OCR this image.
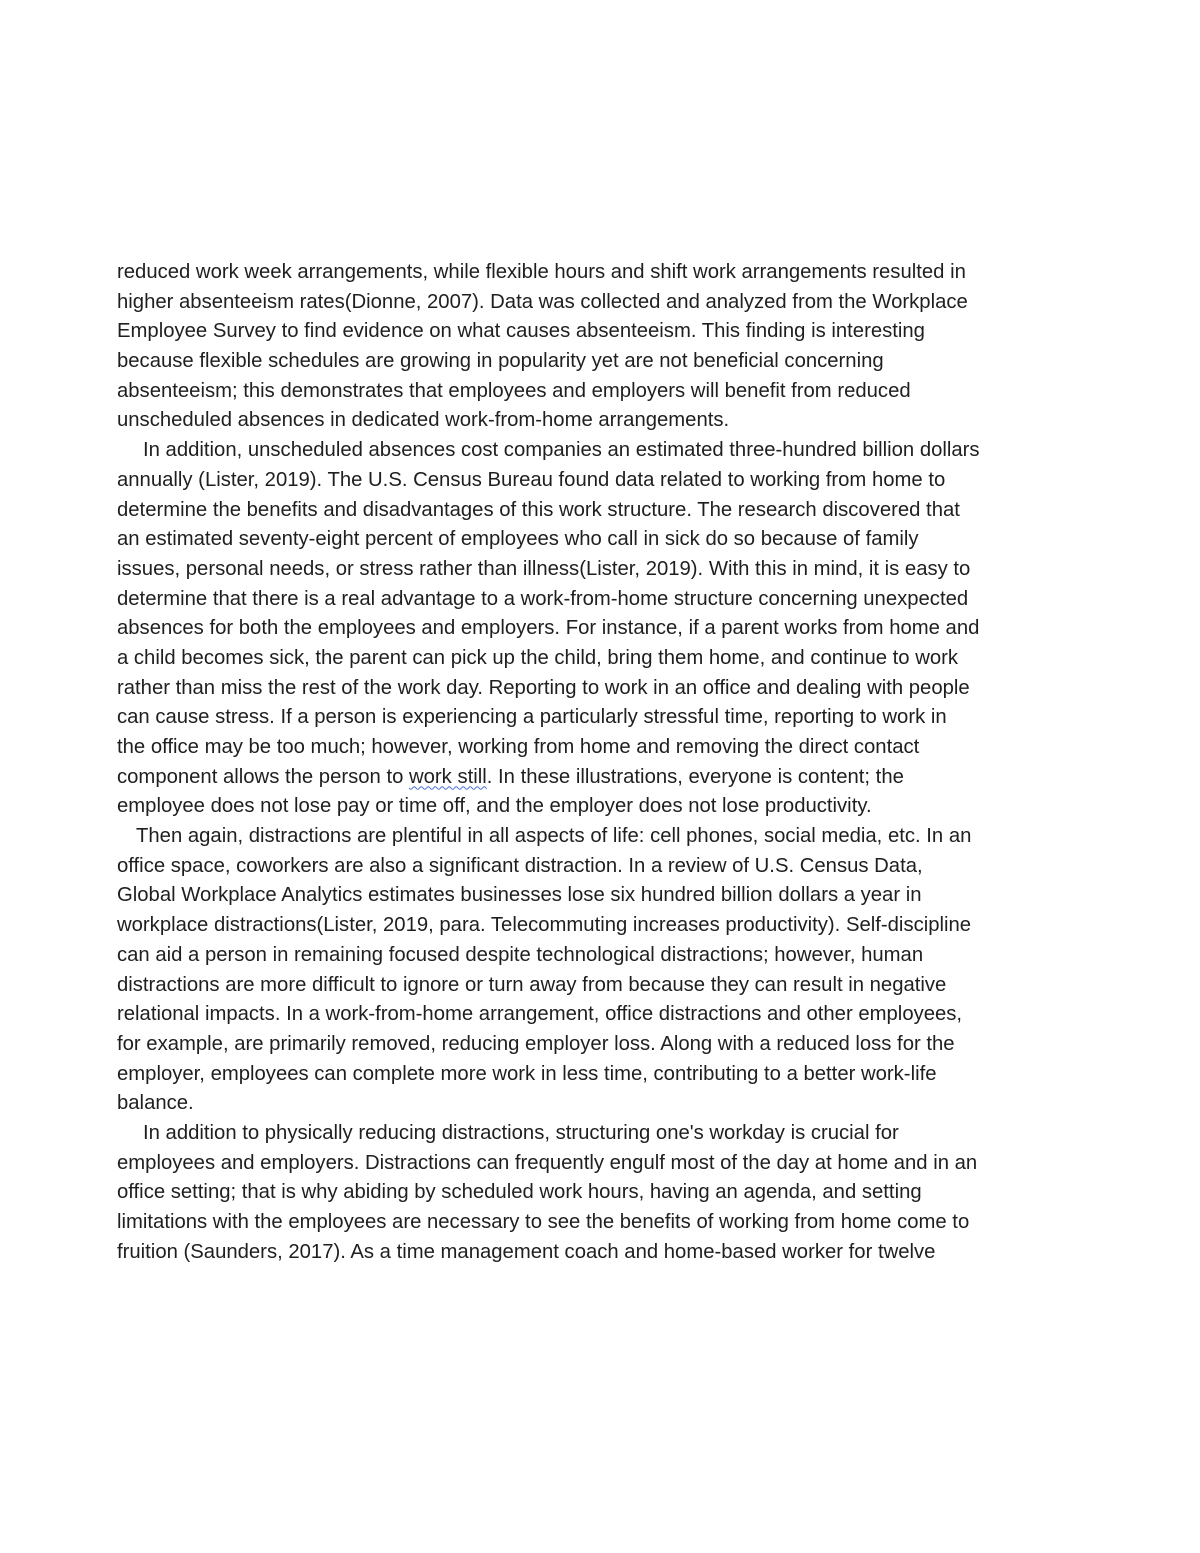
reduced work week arrangements, while flexible hours and shift work arrangements resulted in
higher absenteeism rates(Dionne, 2007). Data was collected and analyzed from the Workplace
Employee Survey to find evidence on what causes absenteeism. This finding is interesting
because flexible schedules are growing in popularity yet are not beneficial concerning
absenteeism; this demonstrates that employees and employers will benefit from reduced
unscheduled absences in dedicated work-from-home arrangements.
In addition, unscheduled absences cost companies an estimated three-hundred billion dollars
annually (Lister, 2019). The U.S. Census Bureau found data related to working from home to
determine the benefits and disadvantages of this work structure. The research discovered that
an estimated seventy-eight percent of employees who call in sick do so because of family
issues, personal needs, or stress rather than illness(Lister, 2019). With this in mind, it is easy to
determine that there is a real advantage to a work-from-home structure concerning unexpected
absences for both the employees and employers. For instance, if a parent works from home and
a child becomes sick, the parent can pick up the child, bring them home, and continue to work
rather than miss the rest of the work day. Reporting to work in an office and dealing with people
can cause stress. If a person is experiencing a particularly stressful time, reporting to work in
the office may be too much; however, working from home and removing the direct contact
component allows the person to work still. In these illustrations, everyone is content; the
employee does not lose pay or time off, and the employer does not lose productivity.
Then again, distractions are plentiful in all aspects of life: cell phones, social media, etc. In an
office space, coworkers are also a significant distraction. In a review of U.S. Census Data,
Global Workplace Analytics estimates businesses lose six hundred billion dollars a year in
workplace distractions(Lister, 2019, para. Telecommuting increases productivity). Self-discipline
can aid a person in remaining focused despite technological distractions; however, human
distractions are more difficult to ignore or turn away from because they can result in negative
relational impacts. In a work-from-home arrangement, office distractions and other employees,
for example, are primarily removed, reducing employer loss. Along with a reduced loss for the
employer, employees can complete more work in less time, contributing to a better work-life
balance.
In addition to physically reducing distractions, structuring one's workday is crucial for
employees and employers. Distractions can frequently engulf most of the day at home and in an
office setting; that is why abiding by scheduled work hours, having an agenda, and setting
limitations with the employees are necessary to see the benefits of working from home come to
fruition (Saunders, 2017). As a time management coach and home-based worker for twelve
